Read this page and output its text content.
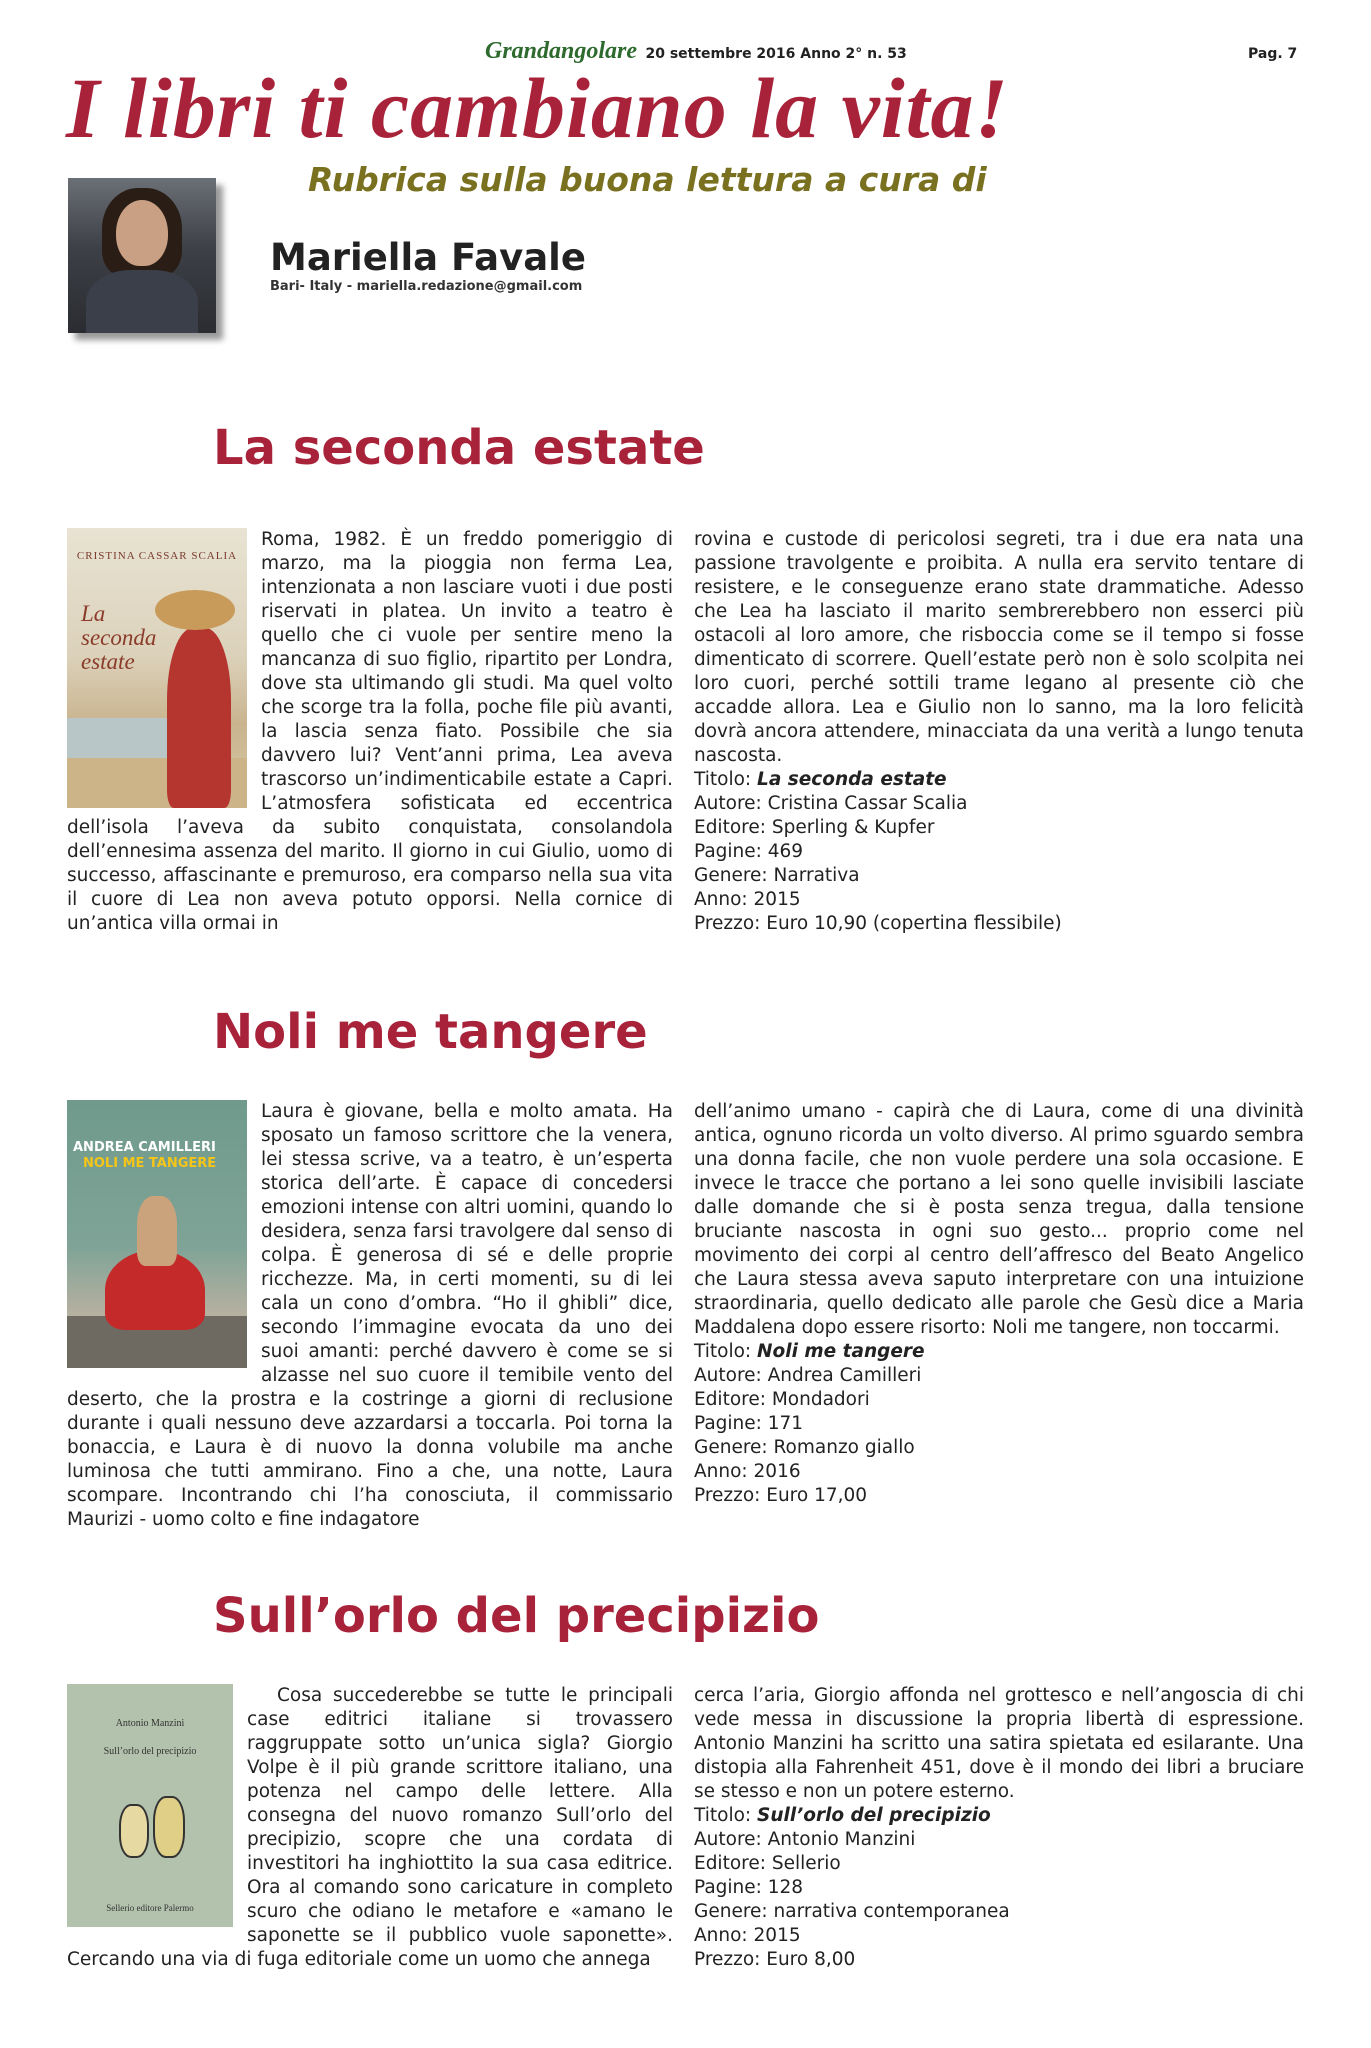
Grandangolare 20 settembre 2016 Anno 2° n. 53	Pag. 7
I libri ti cambiano la vita!
Rubrica sulla buona lettura a cura di
Mariella Favale
Bari- Italy - mariella.redazione@gmail.com
La seconda estate
CRISTINA CASSAR SCALIA
La seconda estate
Roma, 1982. È un freddo pomeriggio di marzo, ma la pioggia non ferma Lea, intenzionata a non lasciare vuoti i due posti riservati in platea. Un invito a teatro è quello che ci vuole per sentire meno la mancanza di suo figlio, ripartito per Londra, dove sta ultimando gli studi. Ma quel volto che scorge tra la folla, poche file più avanti, la lascia senza fiato. Possibile che sia davvero lui? Vent’anni prima, Lea aveva trascorso un’indimenticabile estate a Capri. L’atmosfera sofisticata ed eccentrica dell’isola l’aveva da subito conquistata, consolandola dell’ennesima assenza del marito. Il giorno in cui Giulio, uomo di successo, affascinante e premuroso, era comparso nella sua vita il cuore di Lea non aveva potuto opporsi. Nella cornice di un’antica villa ormai in
rovina e custode di pericolosi segreti, tra i due era nata una passione travolgente e proibita. A nulla era servito tentare di resistere, e le conseguenze erano state drammatiche. Adesso che Lea ha lasciato il marito sembrerebbero non esserci più ostacoli al loro amore, che risboccia come se il tempo si fosse dimenticato di scorrere. Quell’estate però non è solo scolpita nei loro cuori, perché sottili trame legano al presente ciò che accadde allora. Lea e Giulio non lo sanno, ma la loro felicità dovrà ancora attendere, minacciata da una verità a lungo tenuta nascosta.
Titolo: La seconda estate
Autore: Cristina Cassar Scalia
Editore: Sperling & Kupfer
Pagine: 469
Genere: Narrativa
Anno: 2015
Prezzo: Euro 10,90 (copertina flessibile)
Noli me tangere
ANDREA CAMILLERI
NOLI ME TANGERE
Laura è giovane, bella e molto amata. Ha sposato un famoso scrittore che la venera, lei stessa scrive, va a teatro, è un’esperta storica dell’arte. È capace di concedersi emozioni intense con altri uomini, quando lo desidera, senza farsi travolgere dal senso di colpa. È generosa di sé e delle proprie ricchezze. Ma, in certi momenti, su di lei cala un cono d’ombra. “Ho il ghibli” dice, secondo l’immagine evocata da uno dei suoi amanti: perché davvero è come se si alzasse nel suo cuore il temibile vento del deserto, che la prostra e la costringe a giorni di reclusione durante i quali nessuno deve azzardarsi a toccarla. Poi torna la bonaccia, e Laura è di nuovo la donna volubile ma anche luminosa che tutti ammirano. Fino a che, una notte, Laura scompare. Incontrando chi l’ha conosciuta, il commissario Maurizi - uomo colto e fine indagatore
dell’animo umano - capirà che di Laura, come di una divinità antica, ognuno ricorda un volto diverso. Al primo sguardo sembra una donna facile, che non vuole perdere una sola occasione. E invece le tracce che portano a lei sono quelle invisibili lasciate dalle domande che si è posta senza tregua, dalla tensione bruciante nascosta in ogni suo gesto... proprio come nel movimento dei corpi al centro dell’affresco del Beato Angelico che Laura stessa aveva saputo interpretare con una intuizione straordinaria, quello dedicato alle parole che Gesù dice a Maria Maddalena dopo essere risorto: Noli me tangere, non toccarmi.
Titolo: Noli me tangere
Autore: Andrea Camilleri
Editore: Mondadori
Pagine: 171
Genere: Romanzo giallo
Anno: 2016
Prezzo: Euro 17,00
Sull’orlo del precipizio
Antonio Manzini
Sull’orlo del precipizio
Sellerio editore Palermo
Cosa succederebbe se tutte le principali case editrici italiane si trovassero raggruppate sotto un’unica sigla? Giorgio Volpe è il più grande scrittore italiano, una potenza nel campo delle lettere. Alla consegna del nuovo romanzo Sull’orlo del precipizio, scopre che una cordata di investitori ha inghiottito la sua casa editrice. Ora al comando sono caricature in completo scuro che odiano le metafore e «amano le saponette se il pubblico vuole saponette». Cercando una via di fuga editoriale come un uomo che annega
cerca l’aria, Giorgio affonda nel grottesco e nell’angoscia di chi vede messa in discussione la propria libertà di espressione. Antonio Manzini ha scritto una satira spietata ed esilarante. Una distopia alla Fahrenheit 451, dove è il mondo dei libri a bruciare se stesso e non un potere esterno.
Titolo: Sull’orlo del precipizio
Autore: Antonio Manzini
Editore: Sellerio
Pagine: 128
Genere: narrativa contemporanea
Anno: 2015
Prezzo: Euro 8,00
